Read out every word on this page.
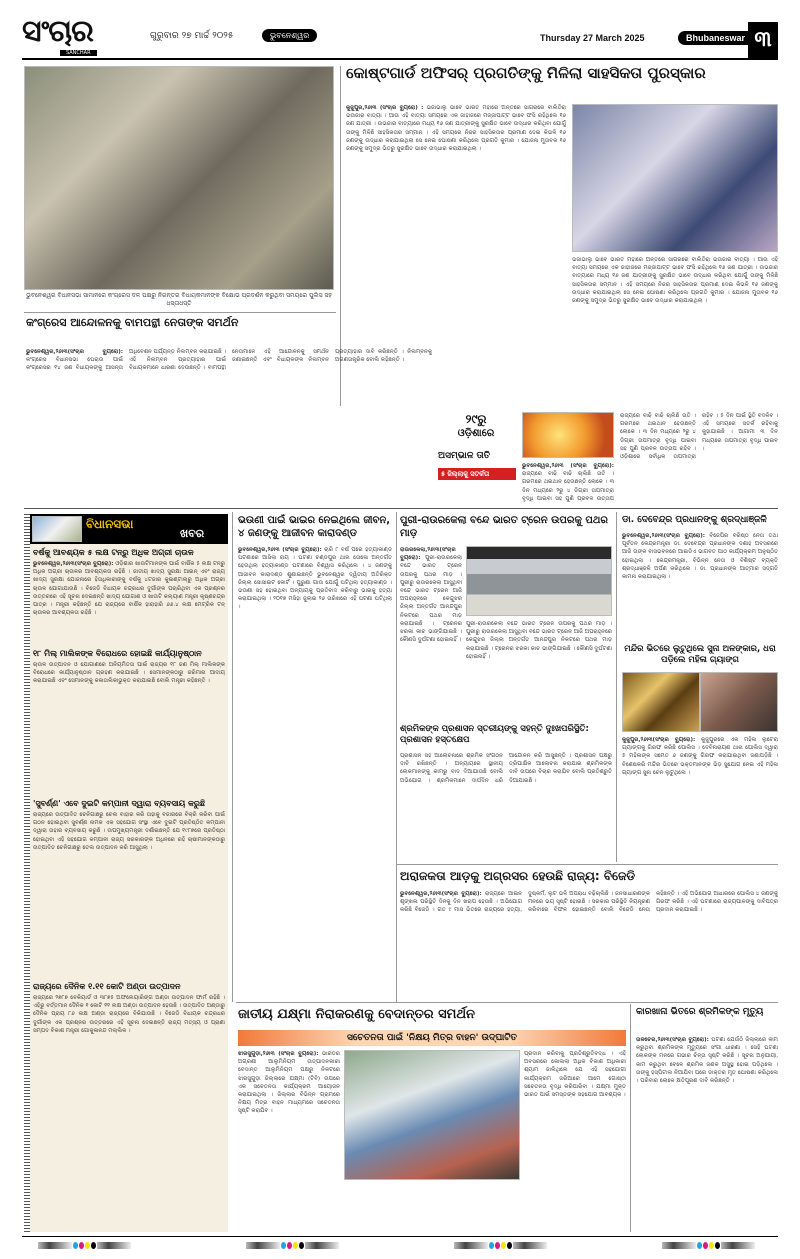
ସଂଚାର
SANCHAR
ଗୁରୁବାର ୨୭ ମାର୍ଚ୍ଚ ୨୦୨୫	ଭୁବନେଶ୍ୱର	Thursday 27 March 2025	Bhubaneswar ୩
ଭୁବନେଶ୍ୱର ବିଧାନସଭା ସାମାନରେ କଂଗ୍ରେସ ଦଳ ପକ୍ଷରୁ ନିରନ୍ତର ବିଧାୟକମାନଙ୍କ ବିକ୍ଷୋଭ ପ୍ରଦର୍ଶନ କରୁଥିବା ସମୟରେ ପୁଲିସ ସହ ଧସ୍ତାଧସ୍ତି
କୋଷ୍ଟଗାର୍ଡ ଅଫିସର୍ ପ୍ରଗତିଙ୍କୁ ମିଳିଲା ସାହସିକତା ପୁରସ୍କାର
କୁଜୁପୁର,୨୬ା୩ (ସଂଚାର ବ୍ୟୁରୋ) : ଭଜାଭାଲୁ ଭାବେ ଭାରତ ମହାରେ ଅନ୍ତରେ ସାଗରରେ ବାଲିତିରା ଭଉଜାର ବାତ୍ୟା । ଆଉ ଏହି ବାତ୍ୟା ସମୟରେ ଏକ ଜାହାଜରେ ମଜ୍ଜାପାଟ୍ଟ ଭାବେ ଫସି ରହିଥିଲେ ୧୬ ଜଣ ଯାତ୍ରୀ । ଉଭଜାର ବାତ୍ୟାରେ ମଧ୍ୟ ୧୬ ଜଣ ଯାତ୍ରୀଙ୍କୁ ସୁରକ୍ଷିତ ଭାବେ ଉଦ୍ଧାର କରିଥିବା ଯୋଗୁଁ ତାଙ୍କୁ ମିଳିଛି ସାହସିକତାର ସମ୍ମାନ । ଏହି ସମୟରେ ନିଜର ସାହସିକତାର ପ୍ରମାଣ ଦେଇ କିଭଳି ୧୬ ଜଣଙ୍କୁ ଉଦ୍ଧାର କରାଯାଇଥିଲା ସେ ନେଇ ଘୋଷଣା କରିଥିଲେ ପ୍ରଗତି କୁମାର । ଯୋଜନା ମୁତାବକ ୧୬ ଜଣଙ୍କୁ ସମୁଦ୍ର ଭିତରୁ ସୁରକ୍ଷିତ ଭାବେ ଉଦ୍ଧାର କରାଯାଇଥିଲା ।
ଭଜାଭାଲୁ ଭାବେ ଭାରତ ମହାରେ ଅନ୍ତରେ ସାଗରରେ ବାଲିତିରା ଭଉଜାର ବାତ୍ୟା । ଆଉ ଏହି ବାତ୍ୟା ସମୟରେ ଏକ ଜାହାଜରେ ମଜ୍ଜାପାଟ୍ଟ ଭାବେ ଫସି ରହିଥିଲେ ୧୬ ଜଣ ଯାତ୍ରୀ । ଉଭଜାର ବାତ୍ୟାରେ ମଧ୍ୟ ୧୬ ଜଣ ଯାତ୍ରୀଙ୍କୁ ସୁରକ୍ଷିତ ଭାବେ ଉଦ୍ଧାର କରିଥିବା ଯୋଗୁଁ ତାଙ୍କୁ ମିଳିଛି ସାହସିକତାର ସମ୍ମାନ । ଏହି ସମୟରେ ନିଜର ସାହସିକତାର ପ୍ରମାଣ ଦେଇ କିଭଳି ୧୬ ଜଣଙ୍କୁ ଉଦ୍ଧାର କରାଯାଇଥିଲା ସେ ନେଇ ଘୋଷଣା କରିଥିଲେ ପ୍ରଗତି କୁମାର । ଯୋଜନା ମୁତାବକ ୧୬ ଜଣଙ୍କୁ ସମୁଦ୍ର ଭିତରୁ ସୁରକ୍ଷିତ ଭାବେ ଉଦ୍ଧାର କରାଯାଇଥିଲା ।
କଂଗ୍ରେସ ଆନ୍ଦୋଳନକୁ ବାମପନ୍ଥୀ ନେତାଙ୍କ ସମର୍ଥନ
ଭୁବନେଶ୍ୱର,୨୬ା୩(ସଂଚାର ବ୍ୟୁରୋ): କଂଗ୍ରେସ ବିଧାନସଭା ଘେରାଉ ପାଇଁ କଂଗ୍ରେସର ୧୪ ଜଣ ବିଧାୟକଙ୍କୁ ଆସନ୍ତା ଅଧିବେଶନ ପର୍ଯ୍ୟନ୍ତ ନିଲମ୍ବନ କରାଯାଇଛି । ଏହି ନିଲମ୍ବନ ପ୍ରତ୍ୟାହାର ପାଇଁ ବିଧାୟକମାନେ ଧାରଣା ଦେଉଛନ୍ତି । ବାମପନ୍ଥୀ ନେତାମାନେ ଏହି ଆନ୍ଦୋଳନକୁ ସମର୍ଥନ ଜଣାଇଛନ୍ତି ଏବଂ ବିଧାୟକଙ୍କ ନିଲମ୍ବନ ପ୍ରତ୍ୟାହାର ଦାବି କରିଛନ୍ତି । ନିଲମ୍ବନକୁ ଅଗଣତାନ୍ତ୍ରିକ ବୋଲି କହିଛନ୍ତି ।
୨୯ରୁ
ଓଡ଼ିଶାରେ
ଅସମ୍ଭାଳ ତାତି
୫ ଜିଲ୍ଲାକୁ ସତର୍କତା
ଭୁବନେଶ୍ୱର,୨୬ା୩ (ସଂଚାର ବ୍ୟୁରୋ): ରାଜ୍ୟରେ ବାଢି ବାଢି ଚାଲିଛି ତାତି । ଗରମରେ ଥଇଥାନ ହେଉଛନ୍ତି ଲୋକେ । ୩ ଦିନ ମଧ୍ୟରେ ୨ରୁ ୪ ଡିଗ୍ରୀ ତାପମାତ୍ରା ବୃଦ୍ଧି ପାଇବା ସହ ପୁଣି ପ୍ରବଳ ଉତ୍ତାପ
ରାଜ୍ୟରେ ବାଢି ବାଢି ଚାଲିଛି ତାତି । ଗରମରେ ଥଇଥାନ ହେଉଛନ୍ତି ଲୋକେ । ୩ ଦିନ ମଧ୍ୟରେ ୨ରୁ ୪ ଡିଗ୍ରୀ ତାପମାତ୍ରା ବୃଦ୍ଧି ପାଇବା ସହ ପୁଣି ପ୍ରବଳ ଉତ୍ତାପ ରହିବ । ଓଡ଼ିଶାରେ ସର୍ବାଧିକ ତାପମାତ୍ରା ରହିବ । ୫ ଦିନ ପାଇଁ ସ୍ଥିତି ବଦଳିବ । ଏହି ସମୟରେ ସତର୍କ ରହିବାକୁ କୁହାଯାଇଛି । ଆଗାମୀ ୩ ଦିନ ମଧ୍ୟରେ ତାପମାତ୍ରା ବୃଦ୍ଧି ପାଇବ ।
ବିଧାନସଭା
ଖବର
ବର୍ଷକୁ ଆବଶ୍ୟକ ୫ ଲକ୍ଷ ଟନ୍‌ରୁ ଅଧିକ ଅଗ୍ରୀ ଚାଉଳ
ଭୁବନେଶ୍ୱର,୨୬ା୩(ସଂଚାର ବ୍ୟୁରୋ): ଓଡ଼ିଶାର ଖାଉଟିମାନଙ୍କ ପାଇଁ ବାର୍ଷିକ ୫ ଲକ୍ଷ ଟନ୍‌ରୁ ଅଧିକ ଅଗ୍ରୀ ଚାଉଳର ଆବଶ୍ୟକତା ରହିଛି । ଜାତୀୟ ଖାଦ୍ୟ ସୁରକ୍ଷା ଆଇନ୍ ଏବଂ ରାଜ୍ୟ ଖାଦ୍ୟ ସୁରକ୍ଷା ଯୋଜନାରେ ହିତାଧିକାରୀଙ୍କୁ ବର୍ଷକୁ ୪ଟଜାର କୁଇଣ୍ଟାଲ୍‌ରୁ ଅଧିକ ଅଗ୍ରୀ ଚାଉଳ ଯୋଗାଯାଉଛି । ବିଜେଡି ବିଧାୟକ ଚନ୍ଦ୍ରଧର ଦୁର୍ଗାଙ୍କ ପଚାରିଥିବା ଏକ ପ୍ରଶ୍ନର ଉତ୍ତରରେ ଏହି ସୂଚନା ଦେଇଛନ୍ତି ଖାଦ୍ୟ ଯୋଗାଣ ଓ ଖାଉଟି କଲ୍ୟାଣ ମନ୍ତ୍ରୀ କୃଷ୍ଣଚନ୍ଦ୍ର ପାତ୍ର । ମନ୍ତ୍ରୀ କହିଛନ୍ତି ଯେ ରାଜ୍ୟରେ ବାର୍ଷିକ ହାରାହାରି ୬୬.୪ ଲକ୍ଷ ମେଟ୍ରିକ ଟନ୍ ଚାଉଳର ଆବଶ୍ୟକତା ରହିଛି ।
୧୮ ମିଲ୍ ମାଲିକଙ୍କ ବିରୋଧରେ ହୋଇଛି କାର୍ଯ୍ୟାନୁଷ୍ଠାନ
ଚାଉଳ ଉତ୍ପାଦନ ଓ ଯୋଗାଣରେ ଅନିୟମିତତା ପାଇଁ ରାଜ୍ୟର ୧୮ ଜଣ ମିଲ୍ ମାଲିକଙ୍କ ବିରୋଧରେ କାର୍ଯ୍ୟାନୁଷ୍ଠାନ ଗ୍ରହଣ କରାଯାଇଛି । ସେମାନଙ୍କଠାରୁ ଜରିମାନା ଆଦାୟ କରାଯାଇଛି ଏବଂ ସେମାନଙ୍କୁ କଳାତାଲିକାଭୁକ୍ତ କରାଯାଇଛି ବୋଲି ମନ୍ତ୍ରୀ କହିଛନ୍ତି ।
'ସୁବର୍ଣ୍ଣ' ଏବେ ଦୁଇଟି କମ୍ପାନୀ ଦ୍ୱାରା ବ୍ୟବସାୟ କରୁଛି
ରାଜ୍ୟରେ ଉତ୍ପାଦିତ ଚେନିଗାଛରୁ ଚେଲ ବାହାର କରି ତାହାକୁ ବଜାରରେ ବିକ୍ରି କରିବା ପାଇଁ ଗଠନ ହୋଇଥିବା ସୁବର୍ଣ୍ଣ ନାମକ ଏକ ସହଯୋଗ ସଂସ୍ଥା ଏବେ ଦୁଇଟି ପ୍ରତିଷ୍ଠିତ କମ୍ପାନୀ ଦ୍ୱାରା ତାହାର ବ୍ୟବସାୟ କରୁଛି । ଉପମୁଖ୍ୟମନ୍ତ୍ରୀ ଦର୍ଶାଇଛନ୍ତି ଯେ ୧୯୮୭ରେ ପ୍ରତିଷ୍ଠା ହୋଇଥିବା ଏହି ସହଯୋଗ କମ୍ପାନୀ ରାଜ୍ୟ ସରକାରଙ୍କ ଅଧିନରେ ରହି ଚାଷୀମାନଙ୍କଠାରୁ ଉତ୍ପାଦିତ ଚେନିଗାଛରୁ ତେଲ ଉତ୍ପାଦନ କରି ଆସୁଥିଲା ।
ରାଜ୍ୟରେ ଦୈନିକ ୧.୧୧ କୋଟି ଅଣ୍ଡା ଉତ୍ପାଦନ
ରାଜ୍ୟରେ ୨୭୮୭ ବେକିୟାର୍ଡ ଓ ୩୮୭୫ ଅଫଲେୟାରିଙ୍ଗ ଅଣ୍ଡା ଉତ୍ପାଦନ ଫାର୍ମ ରହିଛି । ଏହିରୁ ବର୍ତ୍ତମାନ ଦୈନିକ ୧ କୋଟି ୧୧ ଲକ୍ଷ ଅଣ୍ଡା ଉତ୍ପାଦନ ହେଉଛି । ଉତ୍ପାଦିତ ଅଣ୍ଡାରୁ ଦୈନିକ ପ୍ରାୟ ୮୬ ଲକ୍ଷ ଅଣ୍ଡା ରାଜ୍ୟରେ ବିକିଯାଉଛି । ବିଜେଡି ବିଧାୟକ ଚନ୍ଦ୍ରଧର ଦୁର୍ଗାଙ୍କ ଏକ ପ୍ରଶ୍ନର ଉତ୍ତରରେ ଏହି ସୂଚନା ଦେଇଛନ୍ତି ରାଜ୍ୟ ମତ୍ସ୍ୟ ଓ ପ୍ରାଣୀ ସମ୍ପଦ ବିକାଶ ମନ୍ତ୍ରୀ ଗୋକୁଳାନନ୍ଦ ମଲ୍ଲିକ ।
ଭଉଣୀ ପାଇଁ ଭାଇର ନେଇଥିଲେ ଜୀବନ, ୪ ଜଣଙ୍କୁ ଆଜୀବନ କାରାଦଣ୍ଡ
ଭୁବନେଶ୍ୱର,୨୬ା୩ (ସଂଚାର ବ୍ୟୁରୋ): ଚାରି ୮ ବର୍ଷ ପରେ ହତ୍ୟାକାଣ୍ଡ ଘଟଣାରେ ଆସିଲା ରାୟ । ଘଟଣା ଚଣ୍ଡପୁର ଥାନା ତୋଳୋ ଅନ୍ତର୍ଗତ ହେଉଥିଲା ହତ୍ୟାକାଣ୍ଡ ଘଟଣାରେ ବିଶ୍ୱାସ କରିଥିଲେ । ୪ ଜଣଙ୍କୁ ଆଜୀବନ କାରାଦଣ୍ଡ ଶୁଣାଇଛନ୍ତି ଭୁବନେଶ୍ୱର ଦ୍ୱିତୀୟ ଅତିରିକ୍ତ ଜିଲ୍ଲା ସୋସାଇଟ କୋର୍ଟ । ପୁରୁଣା ଗାଉ ଯୋଗୁଁ ଘଟିଥିଲା ହତ୍ୟାକାଣ୍ଡ । ଭଉଣୀ ସହ ହୋଇଥିବା ଅନ୍ୟାୟକୁ ପ୍ରତିବାଦ କରିବାରୁ ଭାଇକୁ ହତ୍ୟା କରାଯାଇଥିଲା । ୨୦୧୭ ମସିହା ଜୁଲାଇ ୨୬ ତାରିଖରେ ଏହି ଘଟଣା ଘଟିଥିଲା ।
ପୁରୀ-ରାଉରକେଲା ବନ୍ଦେ ଭାରତ ଟ୍ରେନ ଉପରକୁ ପଥର ମାଡ଼
ରାଉରକେଲା,୨୬ା୩(ସଂଚାର ବ୍ୟୁରୋ): ପୁରୀ-ରାଉରକେଲା ବନ୍ଦେ ଭାରତ ଟ୍ରେନ ଉପରକୁ ପଥର ମାଡ଼ । ପୁରୀରୁ ରାଉରକେଲା ଆସୁଥିବା ବନ୍ଦେ ଭାରତ ଟ୍ରେନ ଆଜି ଅପରାହ୍ନରେ କେନ୍ଦୁଝର ଜିଲ୍ଲା ଅନ୍ତର୍ଗତ ଆନନ୍ଦପୁର ନିକଟରେ ପଥର ମାଡ଼ କରାଯାଇଛି । ଟ୍ରେନର ଝରକା କାଚ ଭାଙ୍ଗିଯାଇଛି । କୌଣସି ଦୁର୍ଘଟଣା ହୋଇନାହିଁ ।
ପୁରୀ-ରାଉରକେଲା ବନ୍ଦେ ଭାରତ ଟ୍ରେନ ଉପରକୁ ପଥର ମାଡ଼ । ପୁରୀରୁ ରାଉରକେଲା ଆସୁଥିବା ବନ୍ଦେ ଭାରତ ଟ୍ରେନ ଆଜି ଅପରାହ୍ନରେ କେନ୍ଦୁଝର ଜିଲ୍ଲା ଅନ୍ତର୍ଗତ ଆନନ୍ଦପୁର ନିକଟରେ ପଥର ମାଡ଼ କରାଯାଇଛି । ଟ୍ରେନର ଝରକା କାଚ ଭାଙ୍ଗିଯାଇଛି । କୌଣସି ଦୁର୍ଘଟଣା ହୋଇନାହିଁ ।
ଶ୍ରମିକଙ୍କ ପ୍ରଶାସନ ସ୍ତରୀୟଙ୍କୁ ସହନ୍ତି ଦୁଃଖପରିସ୍ଥିତି: ପ୍ରଶାସନ ହସ୍ତକ୍ଷେପ
ପ୍ରଶାସନ ସହ ଆଲୋଚନାରେ ଶ୍ରମିକ ସଂଗଠନ ଦାବି ରଖିଛନ୍ତି । ଅନ୍ୟାୟରେ ସ୍ଥାନୀୟ ଲୋକମାନଙ୍କୁ କାମରୁ ବାଦ ଦିଆଯାଉଛି ବୋଲି ଅଭିଯୋଗ । ଶ୍ରମିକମାନେ ଦୀର୍ଘଦିନ ଧରି ଆନ୍ଦୋଳନ କରି ଆସୁଛନ୍ତି । ପ୍ରଶାସନ ପକ୍ଷରୁ ତ୍ରିପାକ୍ଷିକ ଆଲୋଚନା କରାଯାଇ ଶ୍ରମିକଙ୍କ ଦାବି ଉପରେ ବିଚାର କରାଯିବ ବୋଲି ପ୍ରତିଶ୍ରୁତି ଦିଆଯାଇଛି ।
ଡା. ଦେବେନ୍ଦ୍ର ପ୍ରଧାନଙ୍କୁ ଶ୍ରଦ୍ଧାଞ୍ଜଳି
ଭୁବନେଶ୍ୱର,୨୬ା୩(ସଂଚାର ବ୍ୟୁରୋ): ବିଜେପିର ବରିଷ୍ଠ ନେତା ତଥା ପୂର୍ବତନ କେନ୍ଦ୍ରମନ୍ତ୍ରୀ ଡା. ଦେବେନ୍ଦ୍ର ପ୍ରଧାନଙ୍କ ଦଶାହ ଅବସରରେ ଆଜି ତାଙ୍କ ବାସଭବନରେ ଆଇଡିଏ ଭାଗବତ ପାଠ କାର୍ଯ୍ୟକ୍ରମ ଅନୁଷ୍ଠିତ ହୋଇଥିଲା । କେନ୍ଦ୍ରମନ୍ତ୍ରୀ, ବିଭିନ୍ନ ନେତା ଓ ବିଶିଷ୍ଟ ବ୍ୟକ୍ତି ଶ୍ରଦ୍ଧାଞ୍ଜଳି ଅର୍ପଣ କରିଥିଲେ । ଡା. ପ୍ରଧାନଙ୍କ ଆତ୍ମାର ସଦ୍‌ଗତି କାମନା କରାଯାଇଥିଲା ।
ମନ୍ଦିର ଭିତରେ ଲୁଟୁଥିଲେ ସୁନା ଅଳଙ୍କାର, ଧରା ପଡ଼ିଲେ ମହିଳା ଗ୍ୟାଙ୍ଗ
କୁଜୁପୁର,୨୬ା୩(ସଂଚାର ବ୍ୟୁରୋ): କୁଜୁପୁରରେ ଏକ ମହିଳା ଲୁଟେରା ଗ୍ୟାଙ୍ଗକୁ ଗିରଫ କରିଛି ପୋଲିସ । ଦେବିନାରାୟଣ ଥାନା ପୋଲିସ ଦ୍ୱାରା ୫ ମହିଳାଙ୍କ ସମେତ ୬ ଜଣଙ୍କୁ ଗିରଫ କରାଯାଇଥିବା ଜଣାପଡ଼ିଛି । ବିଶେଷକରି ମନ୍ଦିର ଭିତରେ ଭକ୍ତମାନଙ୍କ ଭିଡ଼ ସୁଯୋଗ ନେଇ ଏହି ମହିଳା ଗ୍ୟାଙ୍ଗ ସୁନା ଚେନ ଲୁଟୁଥିଲେ ।
ଅରାଜକତା ଆଡ଼କୁ ଅଗ୍ରସର ହେଉଛି ରାଜ୍ୟ: ବିଜେଡି
ଭୁବନେଶ୍ୱର,୨୬ା୩(ସଂଚାର ବ୍ୟୁରୋ): ରାଜ୍ୟରେ ଆଇନ ଶୃଙ୍ଖଳା ପରିସ୍ଥିତି ଦିନକୁ ଦିନ ଖରାପ ହେଉଛି । ଅଭିଯୋଗ କରିଛି ବିଜେଡି । ଗତ ୯ ମାସ ଭିତରେ ରାଜ୍ୟରେ ହତ୍ୟା, ଦୁଷ୍କର୍ମ, ଲୁଟ ଭଳି ଅପରାଧ ବଢ଼ିଚାଲିଛି । ଜନସାଧାରଣଙ୍କ ମନରେ ଭୟ ସୃଷ୍ଟି ହୋଇଛି । ସରକାର ପରିସ୍ଥିତି ନିୟନ୍ତ୍ରଣ କରିବାରେ ବିଫଳ ହୋଇଛନ୍ତି ବୋଲି ବିଜେଡି ନେତା କହିଛନ୍ତି । ଏହି ଅଭିଯୋଗ ଆଧାରରେ ପୋଲିସ ୪ ଜଣଙ୍କୁ ଗିରଫ କରିଛି । ଏହି ଘଟଣାରେ ରାଜ୍ୟପାଳଙ୍କୁ ଦାବିପତ୍ର ପ୍ରଦାନ କରାଯାଇଛି ।
ଜାତୀୟ ଯକ୍ଷ୍ମା ନିରାକରଣକୁ ବେଦାନ୍ତର ସମର୍ଥନ
ସଚେତନତା ପାଇଁ 'ନିକ୍ଷୟ ମିତ୍ର ବାହନ' ଉଦ୍‌ଘାଟିତ
ଝାରସୁଗୁଡ଼ା,୨୬ା୩ (ସଂଚାର ବ୍ୟୁରୋ): ଭାରତର ଅଗ୍ରଣୀ ଆଲୁମିନିୟମ ଉତ୍ପାଦନକାରୀ ବେଦାନ୍ତ ଆଲୁମିନିୟମ ପକ୍ଷରୁ ନିକଟରେ ଝାରସୁଗୁଡ଼ା ଜିଲ୍ଲାରେ ଯକ୍ଷ୍ମା (ଟିବି) ଉପରେ ଏକ ସଚେତନତା କାର୍ଯ୍ୟକ୍ରମ ଆୟୋଜନ କରାଯାଇଥିଲା । ଜିଲ୍ଲାର ବିଭିନ୍ନ ଗ୍ରାମରେ ନିକ୍ଷୟ ମିତ୍ର ବାହନ ମାଧ୍ୟମରେ ସଚେତନତା ସୃଷ୍ଟି କରାଯିବ ।
ପ୍ରଦାନ କରିବାକୁ ପ୍ରତିଶ୍ରୁତିବଦ୍ଧ । ଏହି ଅବସରରେ କୋଲଲା ଅଧିକ ବିକାଶ ଅଧିକାରୀ ଶ୍ୟାମ ଜାଲିଥିଲେ ଯେ ଏହି ସହଯୋଗୀ କାର୍ଯ୍ୟକ୍ରମ ଜରିଆରେ ଆମେ ଗୋଷ୍ଠୀ ସଚେତନତା ବୃଦ୍ଧି କରିପାରିବା । ଯକ୍ଷ୍ମା ମୁକ୍ତ ଭାରତ ପାଇଁ ସମସ୍ତଙ୍କ ସହଯୋଗ ଆବଶ୍ୟକ ।
କାରଖାନା ଭିତରେ ଶ୍ରମିକଙ୍କ ମୃତ୍ୟୁ
ତାଳଚେର,୨୬ା୩(ସଂଚାର ବ୍ୟୁରୋ): ଘଟଣା ଯେଉଁଠି ଜିଲ୍ଲାରେ କାମ କରୁଥିବା ଶ୍ରମିକଙ୍କ ମୃତ୍ୟୁରେ ସଂଗୀ ଧାରଣା । ସେହି ଘଟଣା ଲୋକଙ୍କ ମନରେ ଗଭୀର ଚିନ୍ତା ସୃଷ୍ଟି କରିଛି । ସୂଚନା ଅନୁଯାୟୀ, କାମ କରୁଥିବା ବେଳେ ଶ୍ରମିକ ଜଣକ ଅସୁସ୍ଥ ହୋଇ ପଡ଼ିଥିଲେ । ତାଙ୍କୁ ହସ୍ପିଟାଲ ନିଆଯିବା ପରେ ଡାକ୍ତର ମୃତ ଘୋଷଣା କରିଥିଲେ । ପରିବାର ଲୋକେ କ୍ଷତିପୂରଣ ଦାବି କରିଛନ୍ତି ।
